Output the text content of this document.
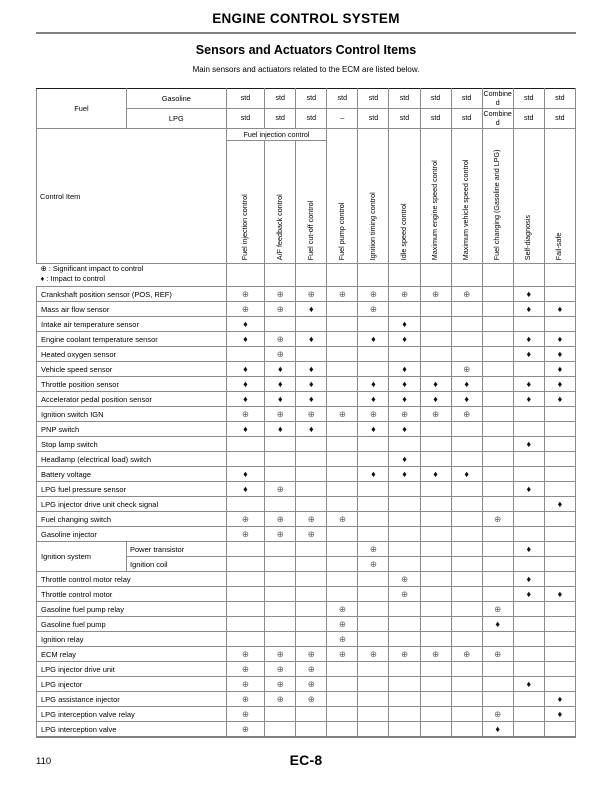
ENGINE CONTROL SYSTEM
Sensors and Actuators Control Items
Main sensors and actuators related to the ECM are listed below.
Fuel	Gasoline	std	std	std	std	std	std	std	std	Combined	std	std
	LPG	std	std	std	–	std	std	std	std	Combined	std	std
Control Item		Fuel injection control										

		Fuel injection control	A/F feedback control	Fuel cut-off control	Fuel pump control	Ignition timing control	Idle speed control	Maximum engine speed control	Maximum vehicle speed control	Fuel changing (Gasoline and LPG)	Self-diagnosis	Fail-safe

⊕ : Significant impact to control
♦ : Impact to control												

Crankshaft position sensor (POS, REF)		⊕	⊕	⊕	⊕	⊕	⊕	⊕	⊕		♦	
Mass air flow sensor		⊕	⊕	♦		⊕					♦	♦
Intake air temperature sensor		♦					♦					
Engine coolant temperature sensor		♦	⊕	♦		♦	♦				♦	♦
Heated oxygen sensor			⊕								♦	♦
Vehicle speed sensor		♦	♦	♦			♦		⊕			♦
Throttle position sensor		♦	♦	♦		♦	♦	♦	♦		♦	♦
Accelerator pedal position sensor		♦	♦	♦		♦	♦	♦	♦		♦	♦
Ignition switch IGN		⊕	⊕	⊕	⊕	⊕	⊕	⊕	⊕			
PNP switch		♦	♦	♦		♦	♦					
Stop lamp switch											♦	
Headlamp (electrical load) switch							♦					
Battery voltage		♦				♦	♦	♦	♦			
LPG fuel pressure sensor		♦	⊕								♦	
LPG injector drive unit check signal												♦
Fuel changing switch		⊕	⊕	⊕	⊕					⊕		
Gasoline injector		⊕	⊕	⊕								
Ignition system	Power transistor					⊕					♦	
	Ignition coil					⊕						
Throttle control motor relay							⊕				♦	
Throttle control motor							⊕				♦	♦
Gasoline fuel pump relay					⊕					⊕		
Gasoline fuel pump					⊕					♦		
Ignition relay					⊕							
ECM relay		⊕	⊕	⊕	⊕	⊕	⊕	⊕	⊕	⊕		
LPG injector drive unit		⊕	⊕	⊕								
LPG injector		⊕	⊕	⊕							♦	
LPG assistance injector		⊕	⊕	⊕								♦
LPG interception valve relay		⊕								⊕		♦
LPG interception valve		⊕								♦		
110	EC-8
